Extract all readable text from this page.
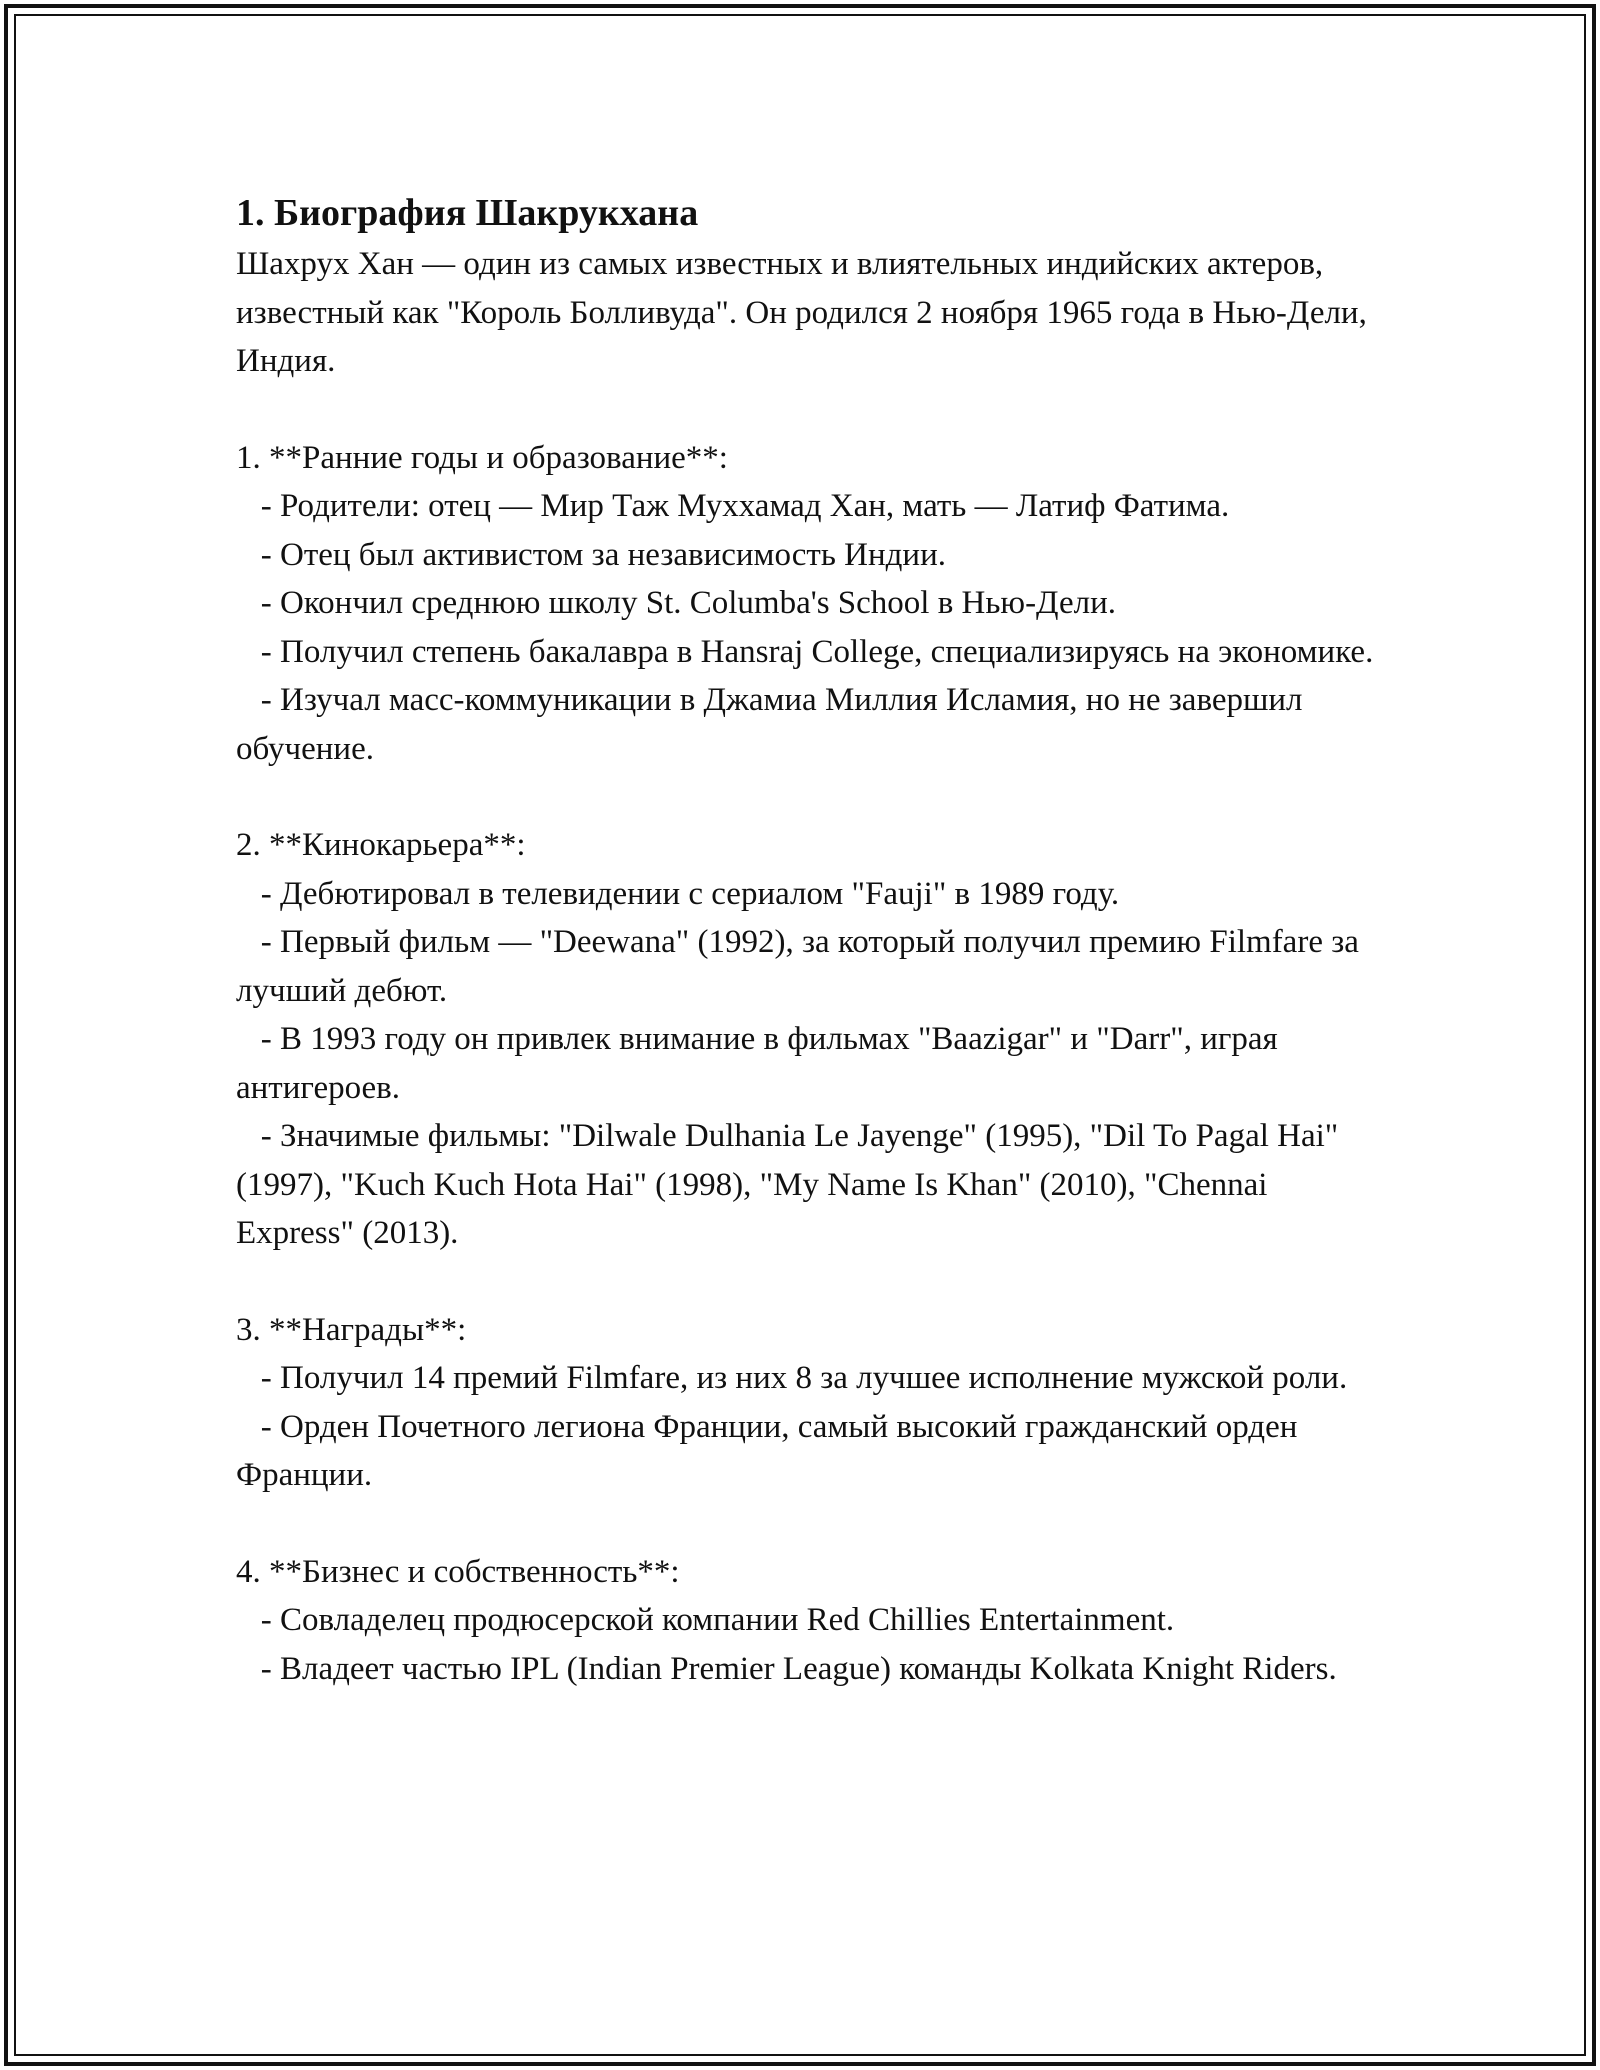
1. Биография Шакрукхана

Шахрух Хан — один из самых известных и влиятельных индийских актеров, известный как "Король Болливуда". Он родился 2 ноября 1965 года в Нью-Дели, Индия.

1. **Ранние годы и образование**:

- Родители: отец — Мир Таж Муххамад Хан, мать — Латиф Фатима.

- Отец был активистом за независимость Индии.

- Окончил среднюю школу St. Columba's School в Нью-Дели.

- Получил степень бакалавра в Hansraj College, специализируясь на экономике.

- Изучал масс-коммуникации в Джамиа Миллия Исламия, но не завершил обучение.

2. **Кинокарьера**:

- Дебютировал в телевидении с сериалом "Fauji" в 1989 году.

- Первый фильм — "Deewana" (1992), за который получил премию Filmfare за лучший дебют.

- В 1993 году он привлек внимание в фильмах "Baazigar" и "Darr", играя антигероев.

- Значимые фильмы: "Dilwale Dulhania Le Jayenge" (1995), "Dil To Pagal Hai" (1997), "Kuch Kuch Hota Hai" (1998), "My Name Is Khan" (2010), "Chennai Express" (2013).

3. **Награды**:

- Получил 14 премий Filmfare, из них 8 за лучшее исполнение мужской роли.

- Орден Почетного легиона Франции, самый высокий гражданский орден Франции.

4. **Бизнес и собственность**:

- Совладелец продюсерской компании Red Chillies Entertainment.

- Владеет частью IPL (Indian Premier League) команды Kolkata Knight Riders.
